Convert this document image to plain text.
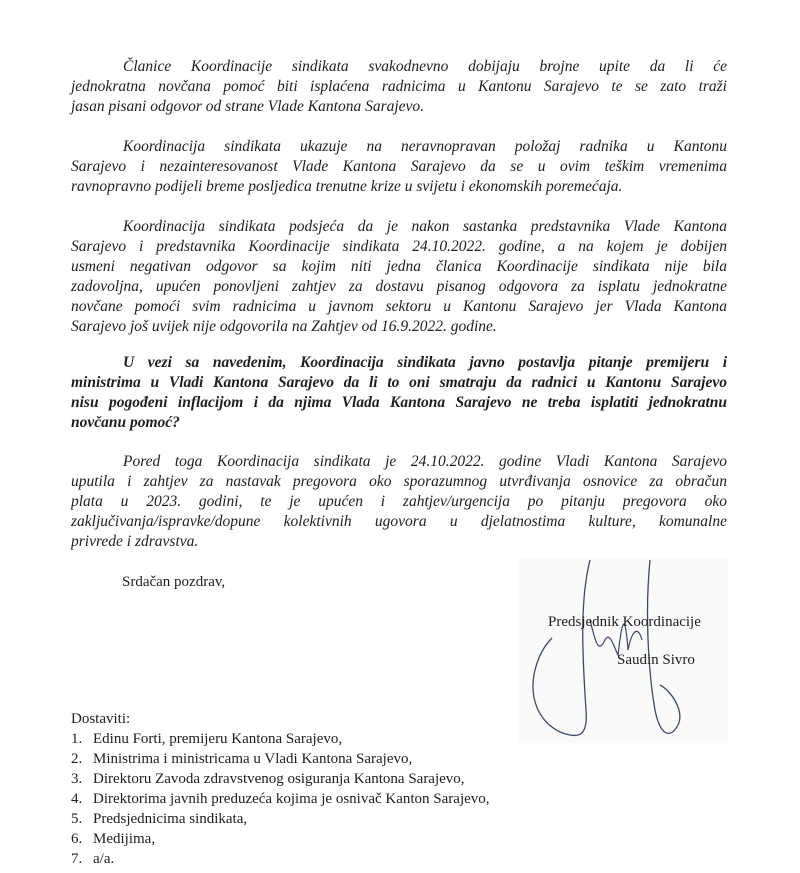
Članice Koordinacije sindikata svakodnevno dobijaju brojne upite da li će
jednokratna novčana pomoć biti isplaćena radnicima u Kantonu Sarajevo te se zato traži
jasan pisani odgovor od strane Vlade Kantona Sarajevo.
Koordinacija sindikata ukazuje na neravnopravan položaj radnika u Kantonu
Sarajevo i nezainteresovanost Vlade Kantona Sarajevo da se u ovim teškim vremenima
ravnopravno podijeli breme posljedica trenutne krize u svijetu i ekonomskih poremećaja.
Koordinacija sindikata podsjeća da je nakon sastanka predstavnika Vlade Kantona
Sarajevo i predstavnika Koordinacije sindikata 24.10.2022. godine, a na kojem je dobijen
usmeni negativan odgovor sa kojim niti jedna članica Koordinacije sindikata nije bila
zadovoljna, upućen ponovljeni zahtjev za dostavu pisanog odgovora za isplatu jednokratne
novčane pomoći svim radnicima u javnom sektoru u Kantonu Sarajevo jer Vlada Kantona
Sarajevo još uvijek nije odgovorila na Zahtjev od 16.9.2022. godine.
U vezi sa navedenim, Koordinacija sindikata javno postavlja pitanje premijeru i
ministrima u Vladi Kantona Sarajevo da li to oni smatraju da radnici u Kantonu Sarajevo
nisu pogođeni inflacijom i da njima Vlada Kantona Sarajevo ne treba isplatiti jednokratnu
novčanu pomoć?
Pored toga Koordinacija sindikata je 24.10.2022. godine Vladi Kantona Sarajevo
uputila i zahtjev za nastavak pregovora oko sporazumnog utvrđivanja osnovice za obračun
plata u 2023. godini, te je upućen i zahtjev/urgencija po pitanju pregovora oko
zaključivanja/ispravke/dopune kolektivnih ugovora u djelatnostima kulture, komunalne
privrede i zdravstva.
Srdačan pozdrav,
Predsjednik Koordinacije
Saudin Sivro
Dostaviti:
1. Edinu Forti, premijeru Kantona Sarajevo,
2. Ministrima i ministricama u Vladi Kantona Sarajevo,
3. Direktoru Zavoda zdravstvenog osiguranja Kantona Sarajevo,
4. Direktorima javnih preduzeća kojima je osnivač Kanton Sarajevo,
5. Predsjednicima sindikata,
6. Medijima,
7. a/a.
